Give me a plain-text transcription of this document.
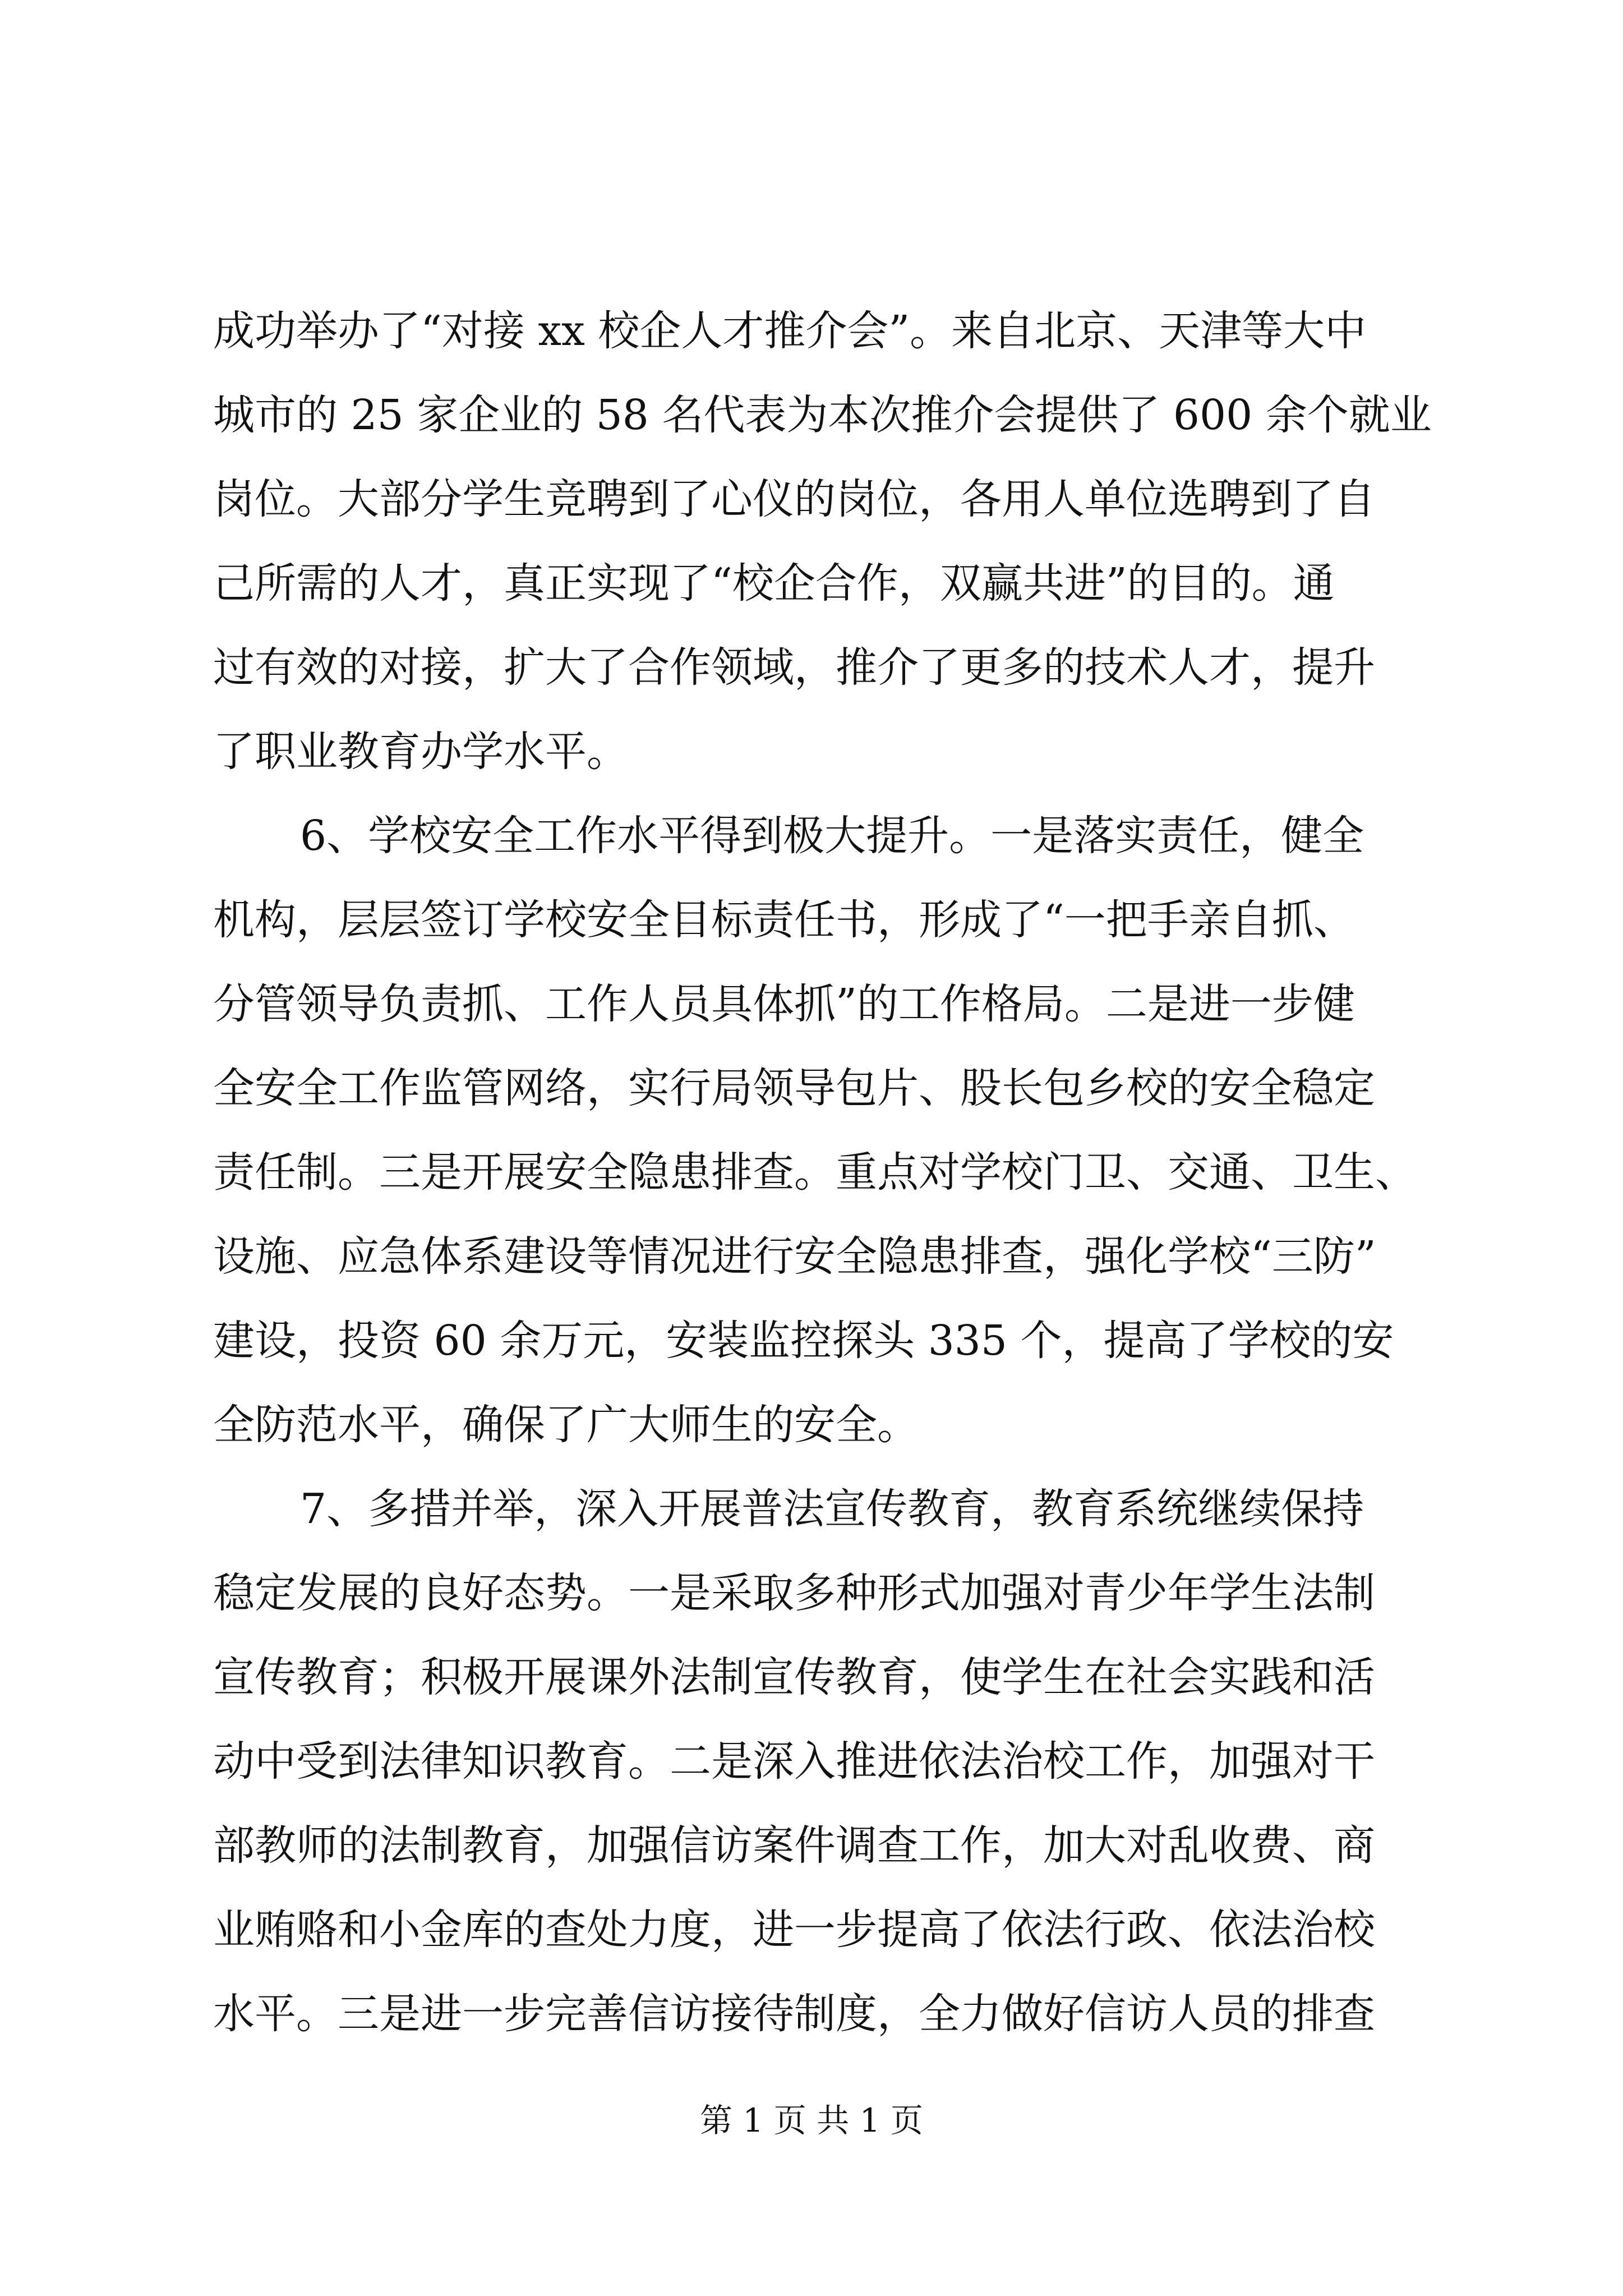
成功举办了“对接 xx 校企人才推介会”。来自北京、天津等大中
城市的 25 家企业的 58 名代表为本次推介会提供了 600 余个就业
岗位。大部分学生竞聘到了心仪的岗位，各用人单位选聘到了自
己所需的人才，真正实现了“校企合作，双赢共进”的目的。通
过有效的对接，扩大了合作领域，推介了更多的技术人才，提升
了职业教育办学水平。
6、学校安全工作水平得到极大提升。一是落实责任，健全
机构，层层签订学校安全目标责任书，形成了“一把手亲自抓、
分管领导负责抓、工作人员具体抓”的工作格局。二是进一步健
全安全工作监管网络，实行局领导包片、股长包乡校的安全稳定
责任制。三是开展安全隐患排查。重点对学校门卫、交通、卫生、
设施、应急体系建设等情况进行安全隐患排查，强化学校“三防”
建设，投资 60 余万元，安装监控探头 335 个，提高了学校的安
全防范水平，确保了广大师生的安全。
7、多措并举，深入开展普法宣传教育，教育系统继续保持
稳定发展的良好态势。一是采取多种形式加强对青少年学生法制
宣传教育；积极开展课外法制宣传教育，使学生在社会实践和活
动中受到法律知识教育。二是深入推进依法治校工作，加强对干
部教师的法制教育，加强信访案件调查工作，加大对乱收费、商
业贿赂和小金库的查处力度，进一步提高了依法行政、依法治校
水平。三是进一步完善信访接待制度，全力做好信访人员的排查
第 1 页 共 1 页
